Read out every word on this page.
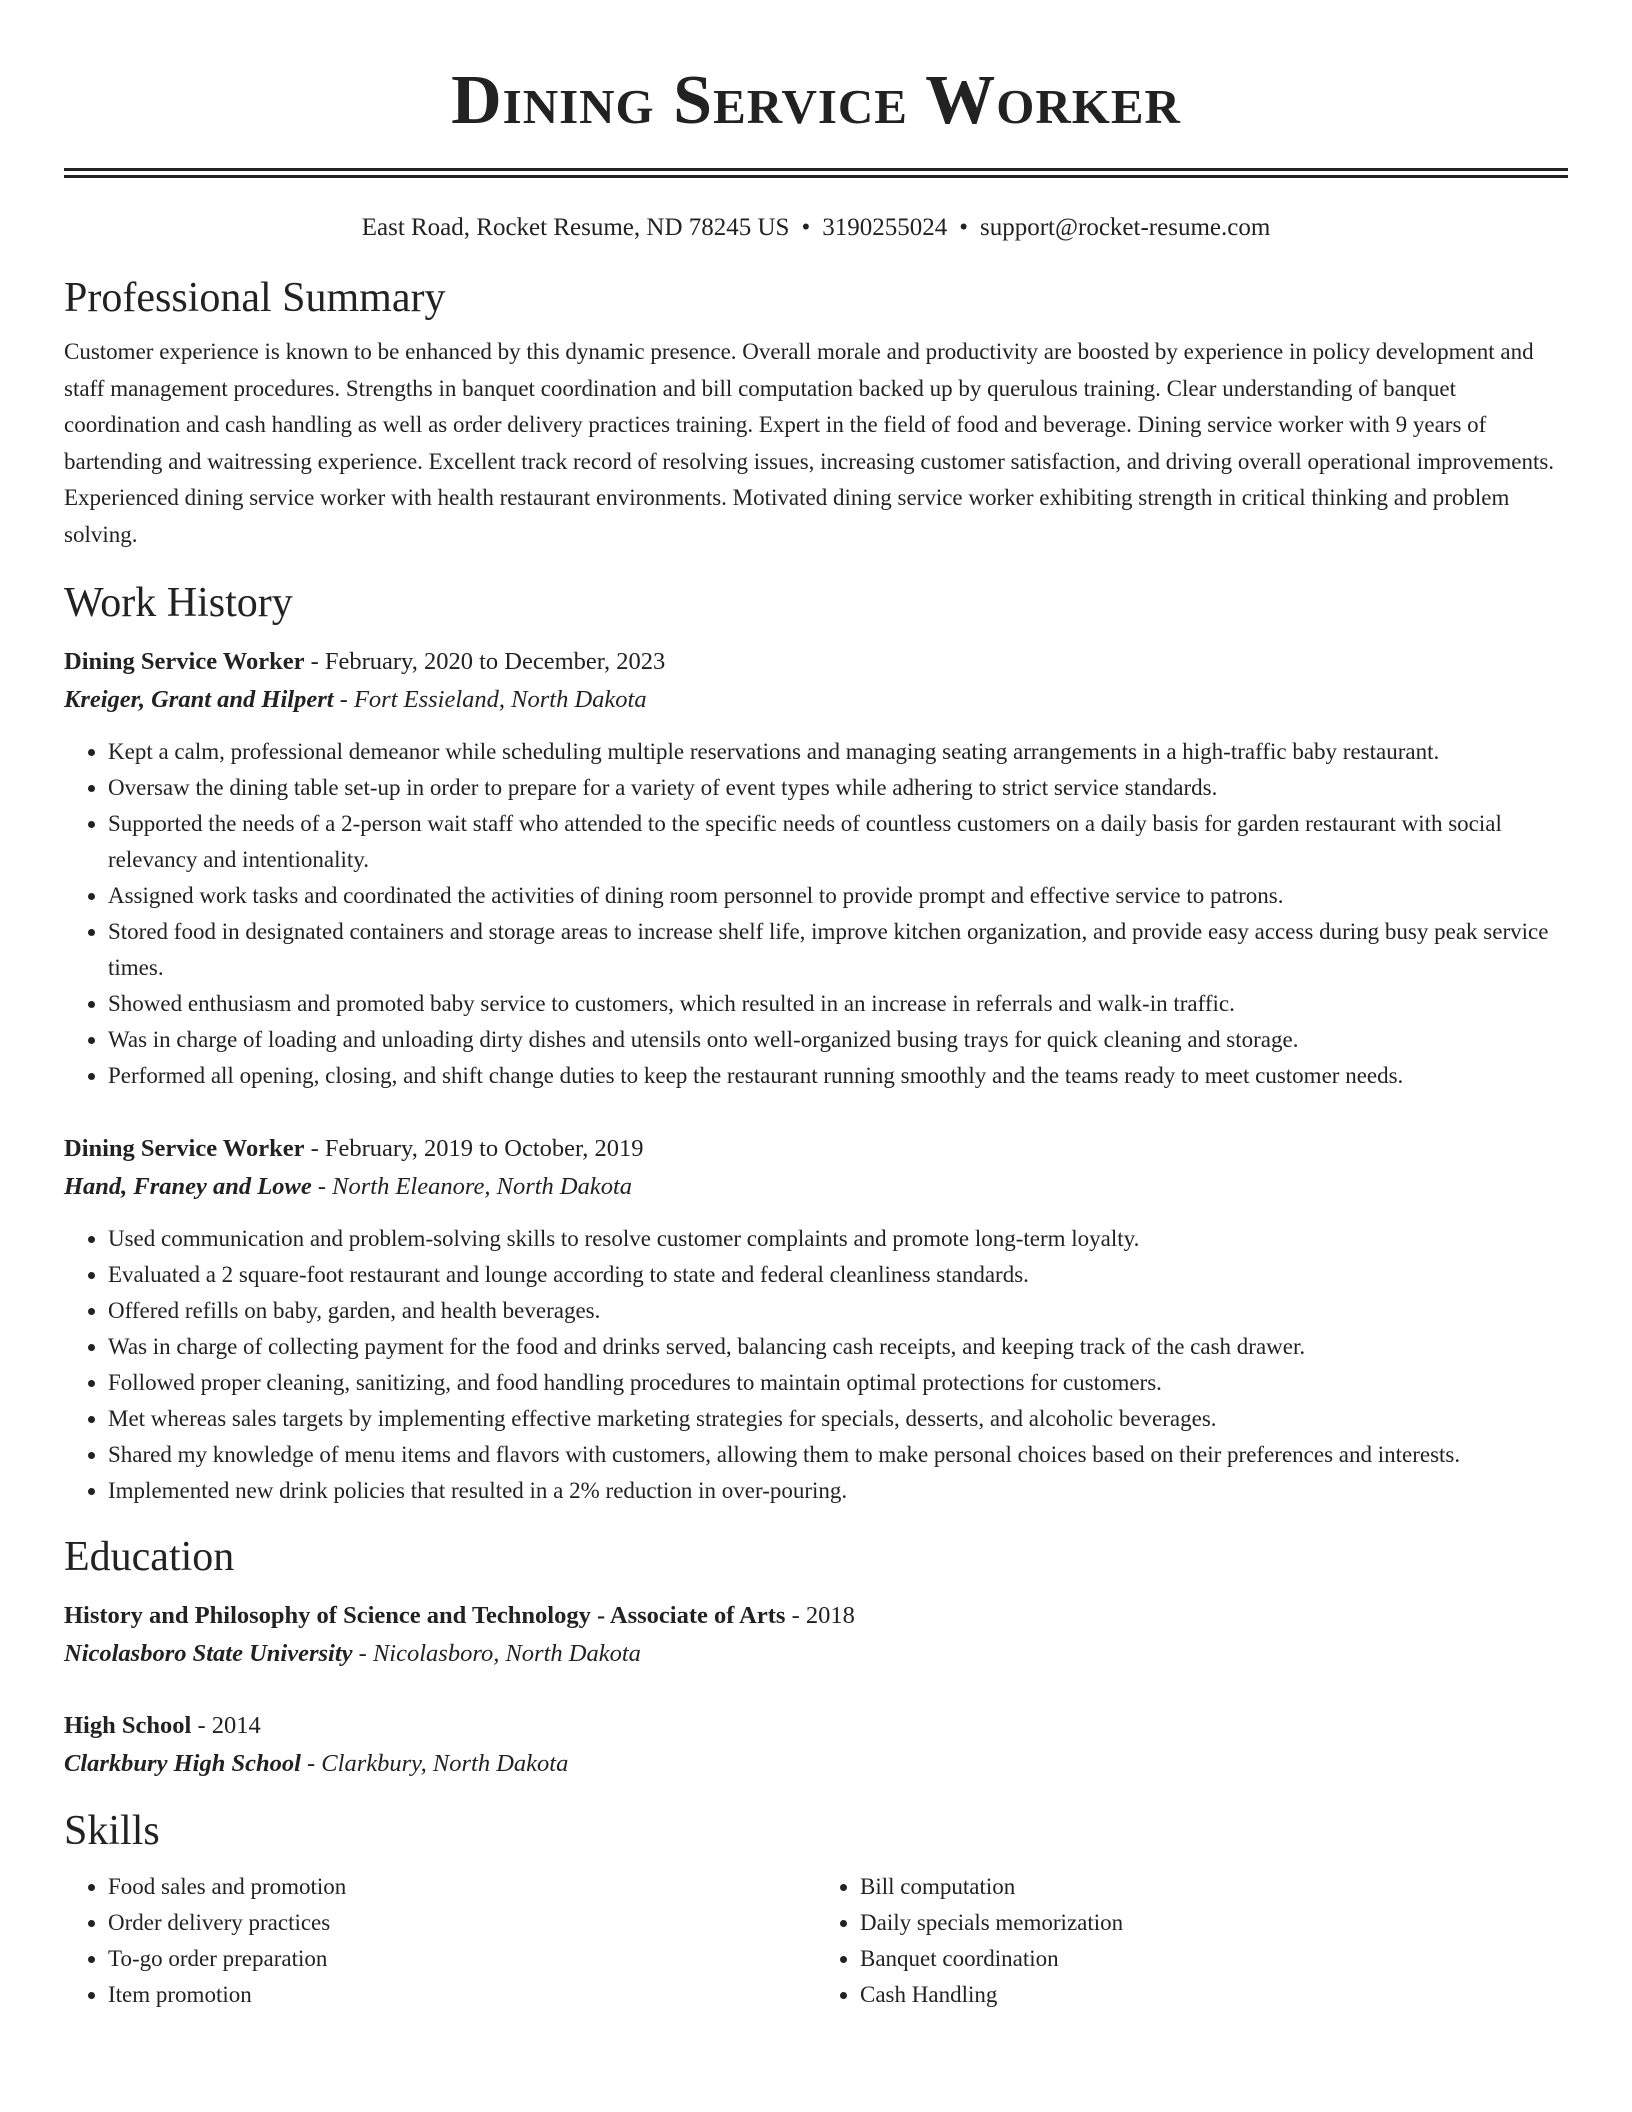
Dining Service Worker
East Road, Rocket Resume, ND 78245 US • 3190255024 • support@rocket-resume.com
Professional Summary

Customer experience is known to be enhanced by this dynamic presence. Overall morale and productivity are boosted by experience in policy development and staff management procedures. Strengths in banquet coordination and bill computation backed up by querulous training. Clear understanding of banquet coordination and cash handling as well as order delivery practices training. Expert in the field of food and beverage. Dining service worker with 9 years of bartending and waitressing experience. Excellent track record of resolving issues, increasing customer satisfaction, and driving overall operational improvements. Experienced dining service worker with health restaurant environments. Motivated dining service worker exhibiting strength in critical thinking and problem solving.

Work History
Dining Service Worker - February, 2020 to December, 2023
Kreiger, Grant and Hilpert - Fort Essieland, North Dakota
• Kept a calm, professional demeanor while scheduling multiple reservations and managing seating arrangements in a high-traffic baby restaurant.
• Oversaw the dining table set-up in order to prepare for a variety of event types while adhering to strict service standards.
• Supported the needs of a 2-person wait staff who attended to the specific needs of countless customers on a daily basis for garden restaurant with social relevancy and intentionality.
• Assigned work tasks and coordinated the activities of dining room personnel to provide prompt and effective service to patrons.
• Stored food in designated containers and storage areas to increase shelf life, improve kitchen organization, and provide easy access during busy peak service times.
• Showed enthusiasm and promoted baby service to customers, which resulted in an increase in referrals and walk-in traffic.
• Was in charge of loading and unloading dirty dishes and utensils onto well-organized busing trays for quick cleaning and storage.
• Performed all opening, closing, and shift change duties to keep the restaurant running smoothly and the teams ready to meet customer needs.
Dining Service Worker - February, 2019 to October, 2019
Hand, Franey and Lowe - North Eleanore, North Dakota
• Used communication and problem-solving skills to resolve customer complaints and promote long-term loyalty.
• Evaluated a 2 square-foot restaurant and lounge according to state and federal cleanliness standards.
• Offered refills on baby, garden, and health beverages.
• Was in charge of collecting payment for the food and drinks served, balancing cash receipts, and keeping track of the cash drawer.
• Followed proper cleaning, sanitizing, and food handling procedures to maintain optimal protections for customers.
• Met whereas sales targets by implementing effective marketing strategies for specials, desserts, and alcoholic beverages.
• Shared my knowledge of menu items and flavors with customers, allowing them to make personal choices based on their preferences and interests.
• Implemented new drink policies that resulted in a 2% reduction in over-pouring.
Education
History and Philosophy of Science and Technology - Associate of Arts - 2018
Nicolasboro State University - Nicolasboro, North Dakota
High School - 2014
Clarkbury High School - Clarkbury, North Dakota
Skills
• Food sales and promotion
• Order delivery practices
• To-go order preparation
• Item promotion
• Bill computation
• Daily specials memorization
• Banquet coordination
• Cash Handling
